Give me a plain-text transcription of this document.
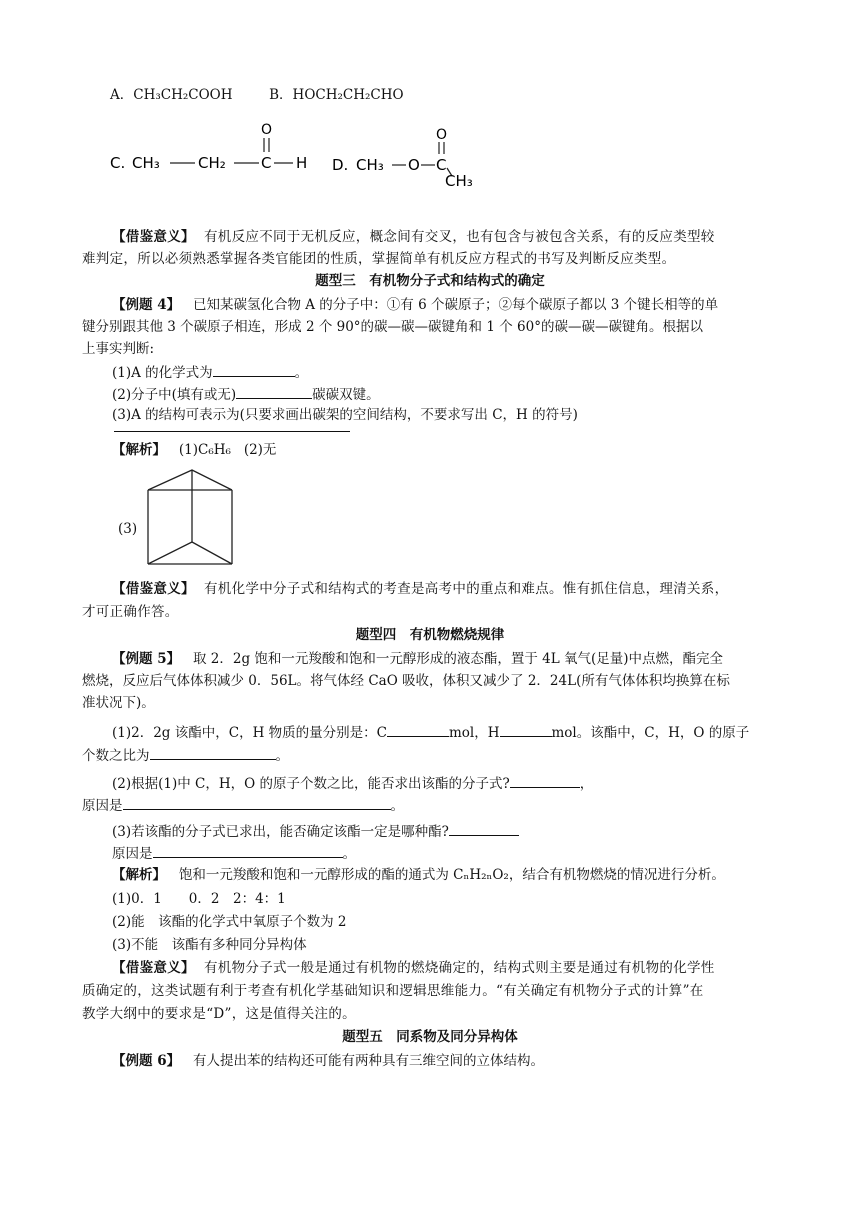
A．CH₃CH₂COOH	B．HOCH₂CH₂CHO
C. CH₃	CH₂ C H
O
D. CH₃ O C
O
CH₃
【借鉴意义】 有机反应不同于无机反应，概念间有交叉，也有包含与被包含关系，有的反应类型较
难判定，所以必须熟悉掌握各类官能团的性质，掌握简单有机反应方程式的书写及判断反应类型。
题型三　有机物分子式和结构式的确定
【例题 4】 已知某碳氢化合物 A 的分子中：①有 6 个碳原子；②每个碳原子都以 3 个键长相等的单
键分别跟其他 3 个碳原子相连，形成 2 个 90°的碳—碳—碳键角和 1 个 60°的碳—碳—碳键角。根据以
上事实判断:
(1)A 的化学式为	。
(2)分子中(填有或无)	碳碳双键。
(3)A 的结构可表示为(只要求画出碳架的空间结构，不要求写出 C，H 的符号)
【解析】 (1)C₆H₆ (2)无
(3)
【借鉴意义】 有机化学中分子式和结构式的考查是高考中的重点和难点。惟有抓住信息，理清关系，
才可正确作答。
题型四　有机物燃烧规律
【例题 5】 取 2．2g 饱和一元羧酸和饱和一元醇形成的液态酯，置于 4L 氧气(足量)中点燃，酯完全
燃烧，反应后气体体积减少 0．56L。将气体经 CaO 吸收，体积又减少了 2．24L(所有气体体积均换算在标
准状况下)。
(1)2．2g 该酯中，C，H 物质的量分别是：C	mol，H	mol。该酯中，C，H，O 的原子
个数之比为	。
(2)根据(1)中 C，H，O 的原子个数之比，能否求出该酯的分子式?	，
原因是	。
(3)若该酯的分子式已求出，能否确定该酯一定是哪种酯?
原因是	。
【解析】 饱和一元羧酸和饱和一元醇形成的酯的通式为 CₙH₂ₙO₂，结合有机物燃烧的情况进行分析。
(1)0．1　　0．2　2：4：1
(2)能　该酯的化学式中氧原子个数为 2
(3)不能　该酯有多种同分异构体
【借鉴意义】 有机物分子式一般是通过有机物的燃烧确定的，结构式则主要是通过有机物的化学性
质确定的，这类试题有利于考查有机化学基础知识和逻辑思维能力。“有关确定有机物分子式的计算”在
教学大纲中的要求是“D”，这是值得关注的。
题型五　同系物及同分异构体
【例题 6】 有人提出苯的结构还可能有两种具有三维空间的立体结构。
